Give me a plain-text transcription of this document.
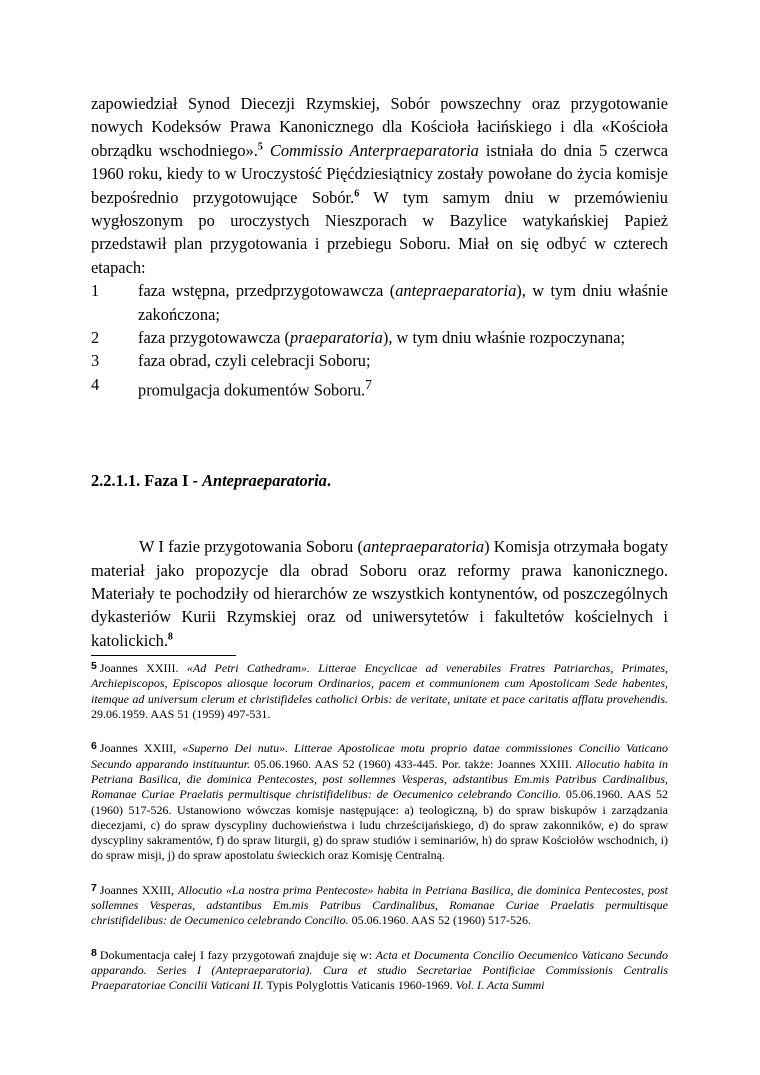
zapowiedział Synod Diecezji Rzymskiej, Sobór powszechny oraz przygotowanie nowych Kodeksów Prawa Kanonicznego dla Kościoła łacińskiego i dla «Kościoła obrządku wschodniego».$^5$ Commissio Anterpraeparatoria istniała do dnia 5 czerwca 1960 roku, kiedy to w Uroczystość Pięćdziesiątnicy zostały powołane do życia komisje bezpośrednio przygotowujące Sobór.$^6$ W tym samym dniu w przemówieniu wygłoszonym po uroczystych Nieszporach w Bazylice watykańskiej Papież przedstawił plan przygotowania i przebiegu Soboru. Miał on się odbyć w czterech etapach:

1	faza wstępna, przedprzygotowawcza (antepraeparatoria), w tym dniu właśnie zakończona;
2	faza przygotowawcza (praeparatoria), w tym dniu właśnie rozpoczynana;
3	faza obrad, czyli celebracji Soboru;
4	promulgacja dokumentów Soboru.$^7$
2.2.1.1. Faza I - Antepraeparatoria.

W I fazie przygotowania Soboru (antepraeparatoria) Komisja otrzymała bogaty materiał jako propozycje dla obrad Soboru oraz reformy prawa kanonicznego. Materiały te pochodziły od hierarchów ze wszystkich kontynentów, od poszczególnych dykasteriów Kurii Rzymskiej oraz od uniwersytetów i fakultetów kościelnych i katolickich.$^8$

5 Joannes XXIII. «Ad Petri Cathedram». Litterae Encyclicae ad venerabiles Fratres Patriarchas, Primates, Archiepiscopos, Episcopos aliosque locorum Ordinarios, pacem et communionem cum Apostolicam Sede habentes, itemque ad universum clerum et christifideles catholici Orbis: de veritate, unitate et pace caritatis afflatu provehendis. 29.06.1959. AAS 51 (1959) 497-531.

6 Joannes XXIII, «Superno Dei nutu». Litterae Apostolicae motu proprio datae commissiones Concilio Vaticano Secundo apparando instituuntur. 05.06.1960. AAS 52 (1960) 433-445. Por. także: Joannes XXIII. Allocutio habita in Petriana Basilica, die dominica Pentecostes, post sollemnes Vesperas, adstantibus Em.mis Patribus Cardinalibus, Romanae Curiae Praelatis permultisque christifidelibus: de Oecumenico celebrando Concilio. 05.06.1960. AAS 52 (1960) 517-526. Ustanowiono wówczas komisje następujące: a) teologiczną, b) do spraw biskupów i zarządzania diecezjami, c) do spraw dyscypliny duchowieństwa i ludu chrześcijańskiego, d) do spraw zakonników, e) do spraw dyscypliny sakramentów, f) do spraw liturgii, g) do spraw studiów i seminariów, h) do spraw Kościołów wschodnich, i) do spraw misji, j) do spraw apostolatu świeckich oraz Komisję Centralną.

7 Joannes XXIII, Allocutio «La nostra prima Pentecoste» habita in Petriana Basilica, die dominica Pentecostes, post sollemnes Vesperas, adstantibus Em.mis Patribus Cardinalibus, Romanae Curiae Praelatis permultisque christifidelibus: de Oecumenico celebrando Concilio. 05.06.1960. AAS 52 (1960) 517-526.

8 Dokumentacja całej I fazy przygotowań znajduje się w: Acta et Documenta Concilio Oecumenico Vaticano Secundo apparando. Series I (Antepraeparatoria). Cura et studio Secretariae Pontificiae Commissionis Centralis Praeparatoriae Concilii Vaticani II. Typis Polyglottis Vaticanis 1960-1969. Vol. I. Acta Summi
